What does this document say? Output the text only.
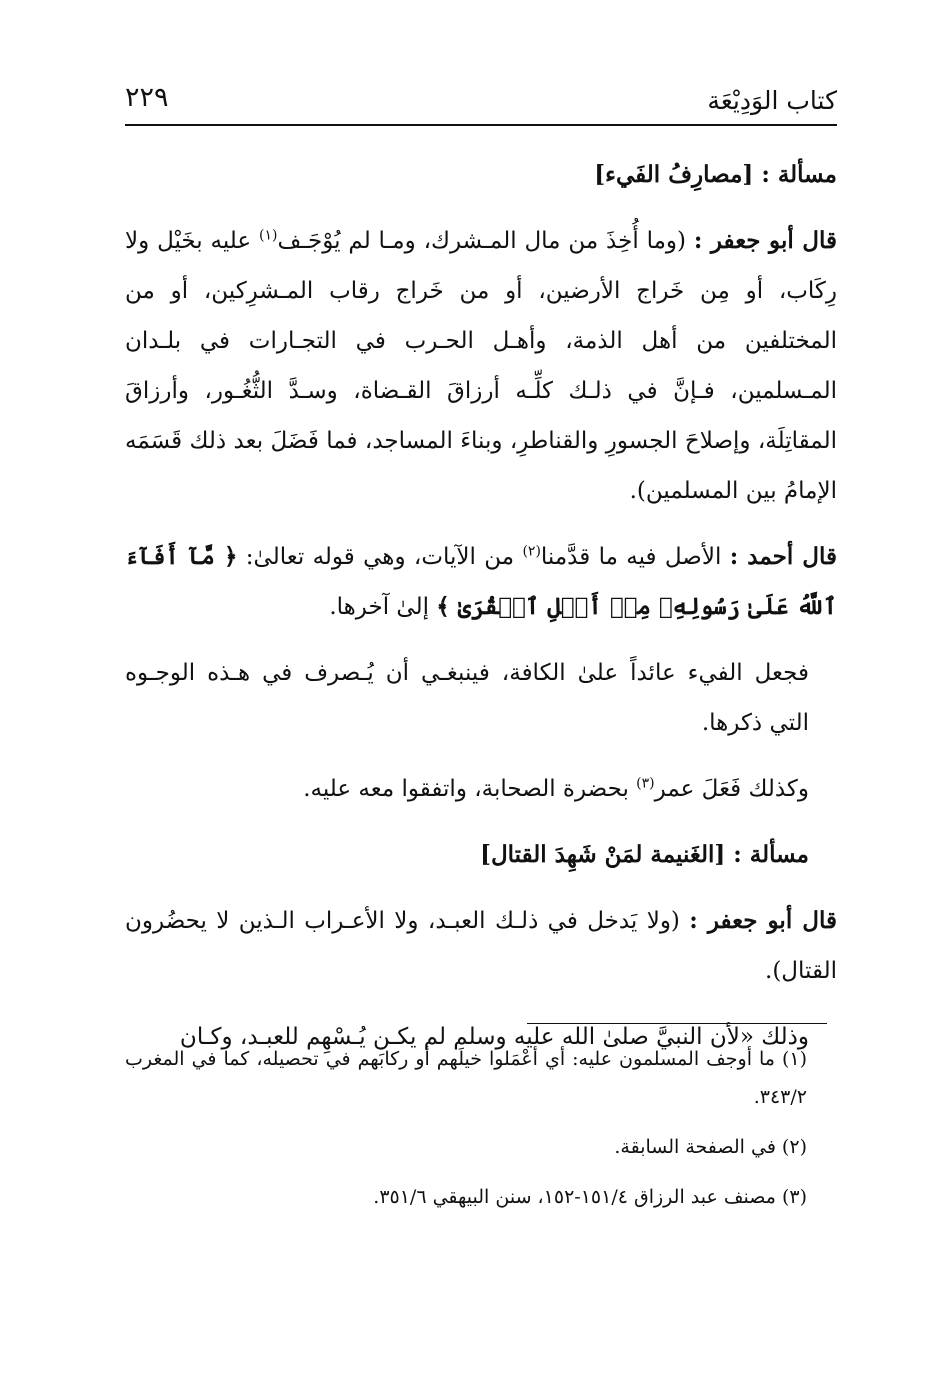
كتاب الوَدِيْعَة
٢٢٩

مسألة : [مصارِفُ الفَيء]

قال أبو جعفر : (وما أُخِذَ من مال المـشرك، ومـا لم يُوْجَـف$^{(١)}$ عليه بخَيْل ولا رِكَاب، أو مِن خَراج الأرضين، أو من خَراج رقاب المـشرِكين، أو من المختلفين من أهل الذمة، وأهـل الحـرب في التجـارات في بلـدان المـسلمين، فـإنَّ في ذلـك كلِّـه أرزاقَ القـضاة، وسـدَّ الثُّغُـور، وأرزاقَ المقاتِلَة، وإصلاحَ الجسورِ والقناطرِ، وبناءَ المساجد، فما فَضَلَ بعد ذلك قَسَمَه الإمامُ بين المسلمين).

قال أحمد : الأصل فيه ما قدَّمنا$^{(٢)}$ من الآيات، وهي قوله تعالىٰ: ﴿ مَّآ أَفَآءَ ٱللَّهُ عَلَىٰ رَسُولِهِۦ مِنۡ أَهۡلِ ٱلۡقُرَىٰ ﴾ إلىٰ آخرها.

فجعل الفيء عائداً علىٰ الكافة، فينبغـي أن يُـصرف في هـذه الوجـوه التي ذكرها.

وكذلك فَعَلَ عمر$^{(٣)}$ بحضرة الصحابة، واتفقوا معه عليه.

مسألة : [الغَنيمة لمَنْ شَهِدَ القتال]

قال أبو جعفر : (ولا يَدخل في ذلـك العبـد، ولا الأعـراب الـذين لا يحضُرون القتال).

وذلك «لأن النبيَّ صلىٰ الله عليه وسلم لم يكـن يُـسْهِم للعبـد، وكـان

(١) ما أوجف المسلمون عليه: أي أعْمَلوا خيلَهم أو ركابَهم في تحصيله، كما في المغرب ٣٤٣/٢.

(٢) في الصفحة السابقة.

(٣) مصنف عبد الرزاق ١٥١/٤-١٥٢، سنن البيهقي ٣٥١/٦.
